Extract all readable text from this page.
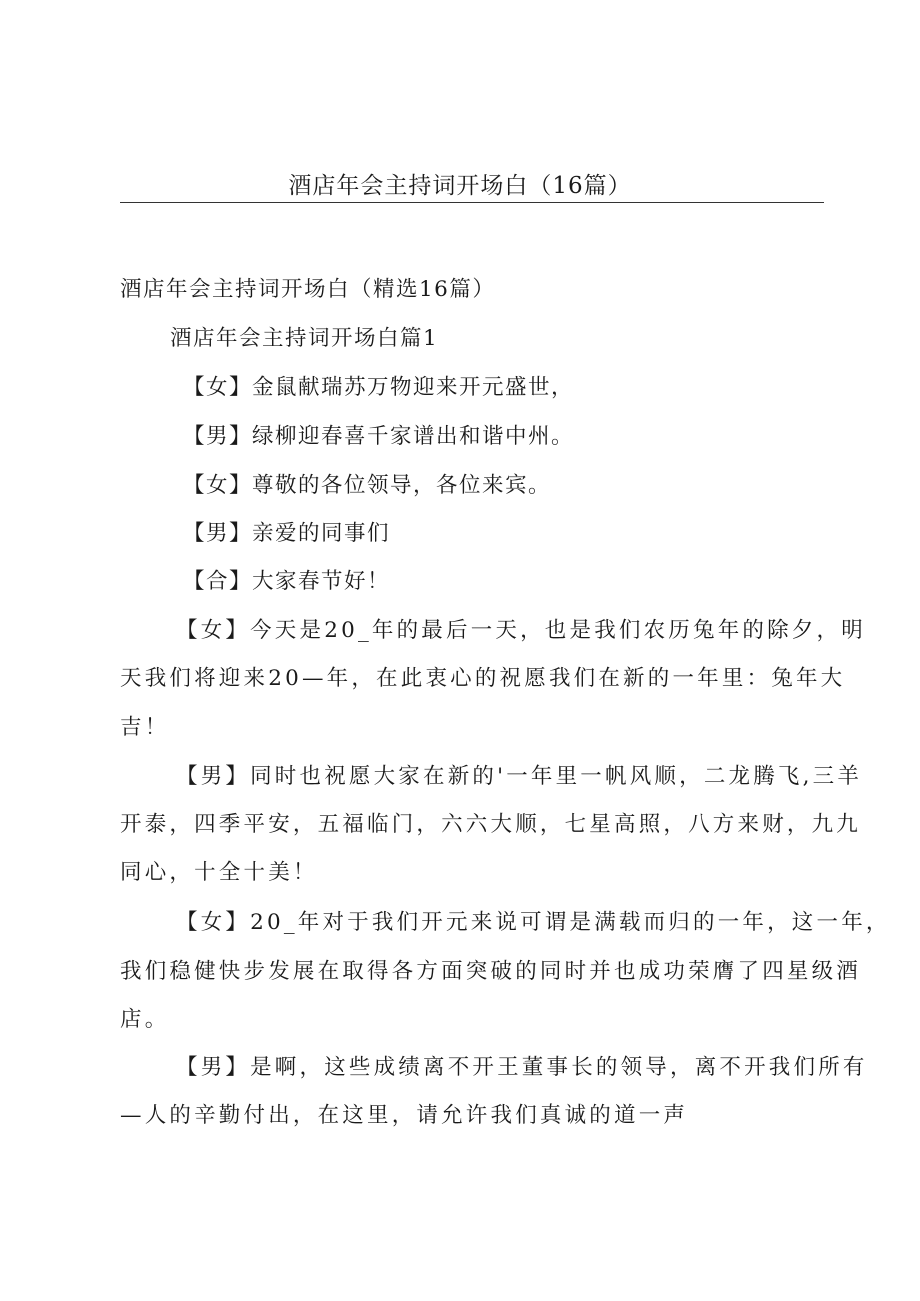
酒店年会主持词开场白（16篇）
酒店年会主持词开场白（精选16篇）
酒店年会主持词开场白篇1
【女】金鼠献瑞苏万物迎来开元盛世，
【男】绿柳迎春喜千家谱出和谐中州。
【女】尊敬的各位领导，各位来宾。
【男】亲爱的同事们
【合】大家春节好！
【女】今天是20_年的最后一天，也是我们农历兔年的除夕，明
天我们将迎来20—年，在此衷心的祝愿我们在新的一年里：兔年大
吉！
【男】同时也祝愿大家在新的'一年里一帆风顺，二龙腾飞,三羊
开泰，四季平安，五福临门，六六大顺，七星高照，八方来财，九九
同心，十全十美！
【女】20_年对于我们开元来说可谓是满载而归的一年，这一年，
我们稳健快步发展在取得各方面突破的同时并也成功荣膺了四星级酒
店。
【男】是啊，这些成绩离不开王董事长的领导，离不开我们所有
—人的辛勤付出，在这里，请允许我们真诚的道一声
